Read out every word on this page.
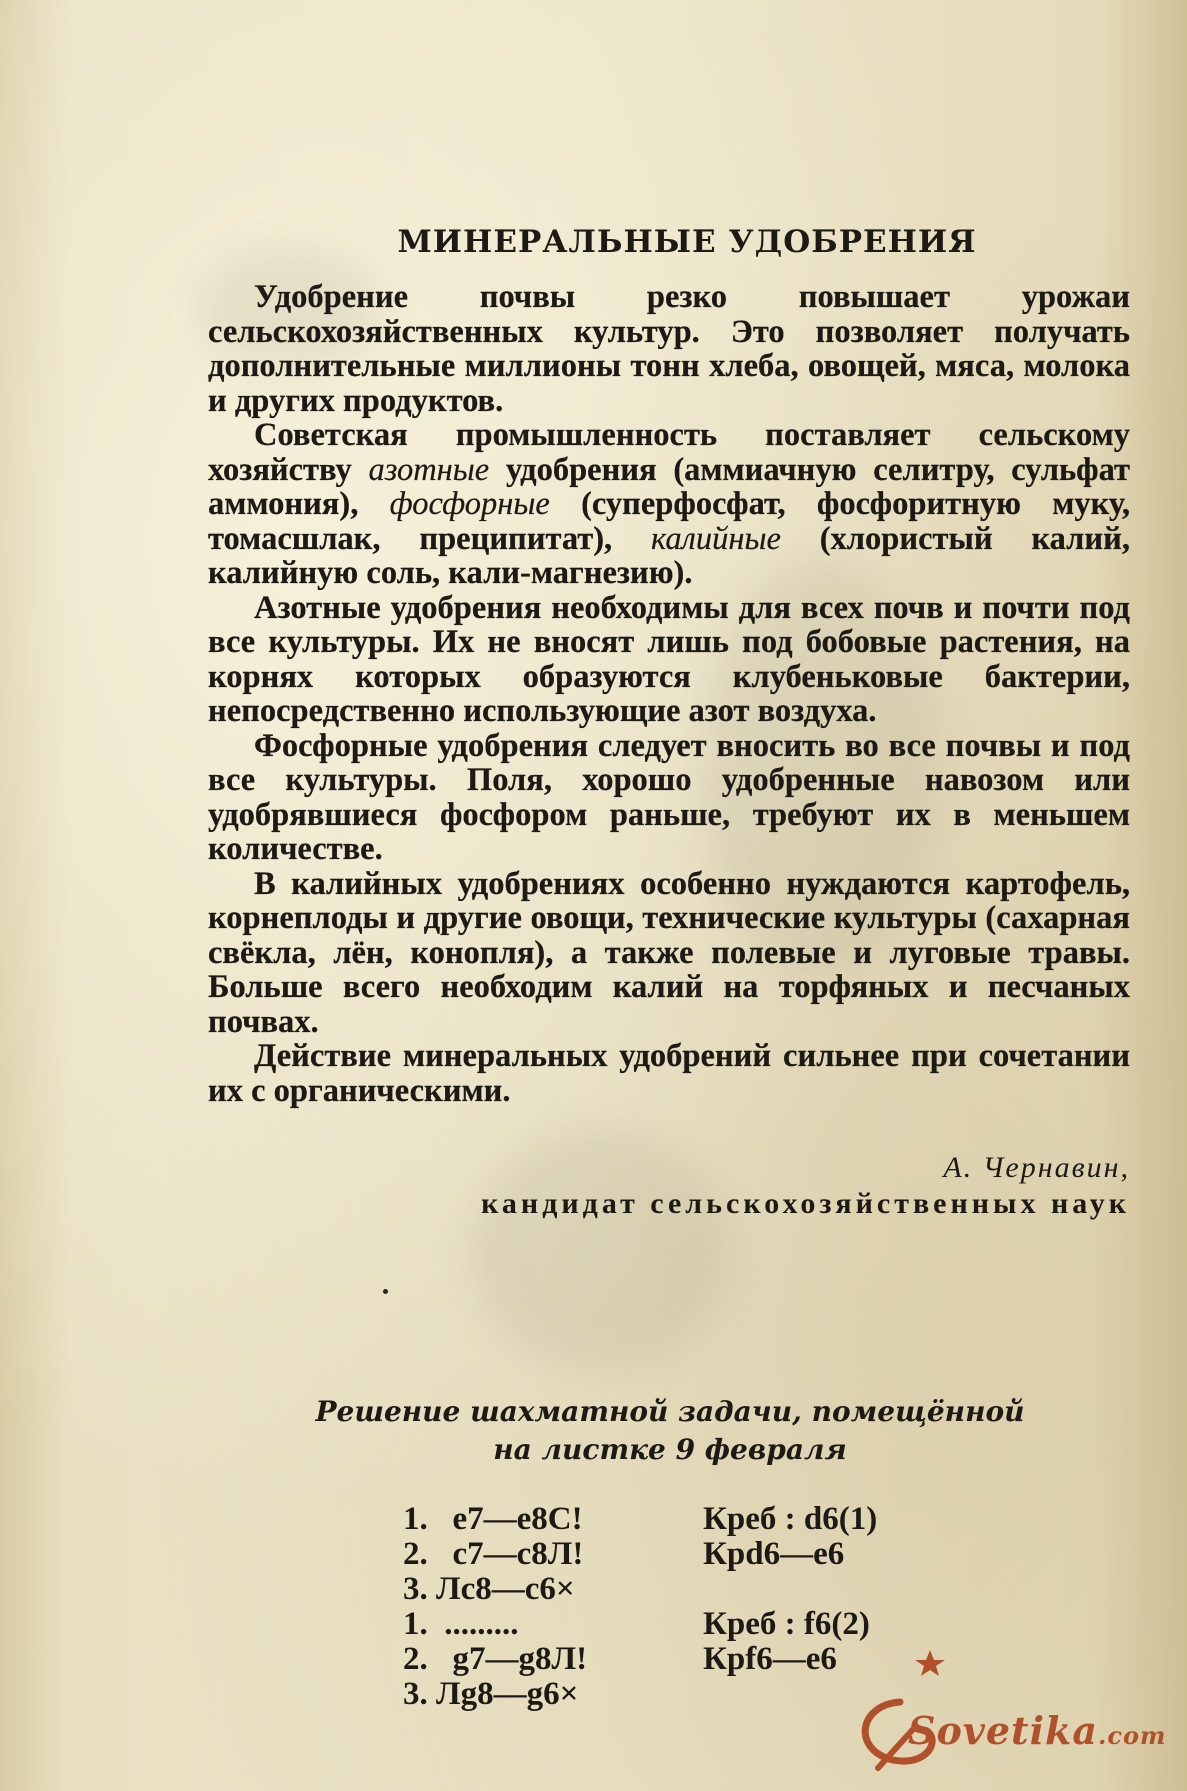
МИНЕРАЛЬНЫЕ УДОБРЕНИЯ

Удобрение почвы резко повышает урожаи сельскохозяйственных культур. Это позволяет получать дополнительные миллионы тонн хлеба, овощей, мяса, молока и других продуктов.

Советская промышленность поставляет сельскому хозяйству азотные удобрения (аммиачную селитру, сульфат аммония), фосфорные (суперфосфат, фосфоритную муку, томасшлак, преципитат), калийные (хлористый калий, калийную соль, кали-магнезию).

Азотные удобрения необходимы для всех почв и почти под все культуры. Их не вносят лишь под бобовые растения, на корнях которых образуются клубеньковые бактерии, непосредственно использующие азот воздуха.

Фосфорные удобрения следует вносить во все почвы и под все культуры. Поля, хорошо удобренные навозом или удобрявшиеся фосфором раньше, требуют их в меньшем количестве.

В калийных удобрениях особенно нуждаются картофель, корнеплоды и другие овощи, технические культуры (сахарная свёкла, лён, конопля), а также полевые и луговые травы. Больше всего необходим калий на торфяных и песчаных почвах.

Действие минеральных удобрений сильнее при сочетании их с органическими.

А. Чернавин,
кандидат сельскохозяйственных наук
Решение шахматной задачи, помещённой
на листке 9 февраля
1.   e7—e8С!	Креб : d6(1)
2.   c7—c8Л!	Крd6—e6
3. Лс8—c6×
1.  .........	Креб : f6(2)
2.   g7—g8Л!	Крf6—e6
3. Лg8—g6×
Sovetika.com
